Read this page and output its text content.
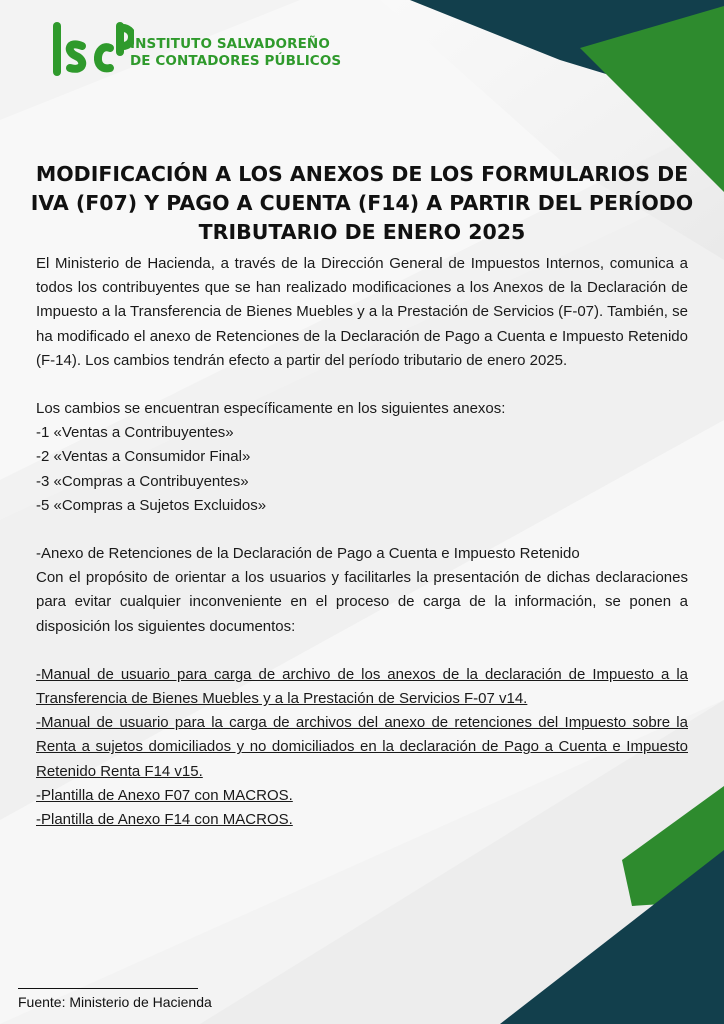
INSTITUTO SALVADOREÑO
DE CONTADORES PÚBLICOS
MODIFICACIÓN A LOS ANEXOS DE LOS FORMULARIOS DE IVA (F07) Y PAGO A CUENTA (F14) A PARTIR DEL PERÍODO TRIBUTARIO DE ENERO 2025

El Ministerio de Hacienda, a través de la Dirección General de Impuestos Internos, comunica a todos los contribuyentes que se han realizado modificaciones a los Anexos de la Declaración de Impuesto a la Transferencia de Bienes Muebles y a la Prestación de Servicios (F-07). También, se ha modificado el anexo de Retenciones de la Declaración de Pago a Cuenta e Impuesto Retenido (F-14). Los cambios tendrán efecto a partir del período tributario de enero 2025.

Los cambios se encuentran específicamente en los siguientes anexos:

-1 «Ventas a Contribuyentes»

-2 «Ventas a Consumidor Final»

-3 «Compras a Contribuyentes»

-5 «Compras a Sujetos Excluidos»

-Anexo de Retenciones de la Declaración de Pago a Cuenta e Impuesto Retenido

Con el propósito de orientar a los usuarios y facilitarles la presentación de dichas declaraciones para evitar cualquier inconveniente en el proceso de carga de la información, se ponen a disposición los siguientes documentos:

-Manual de usuario para carga de archivo de los anexos de la declaración de Impuesto a la Transferencia de Bienes Muebles y a la Prestación de Servicios F-07 v14.

-Manual de usuario para la carga de archivos del anexo de retenciones del Impuesto sobre la Renta a sujetos domiciliados y no domiciliados en la declaración de Pago a Cuenta e Impuesto Retenido Renta F14 v15.

-Plantilla de Anexo F07 con MACROS.

-Plantilla de Anexo F14 con MACROS.

Fuente: Ministerio de Hacienda
